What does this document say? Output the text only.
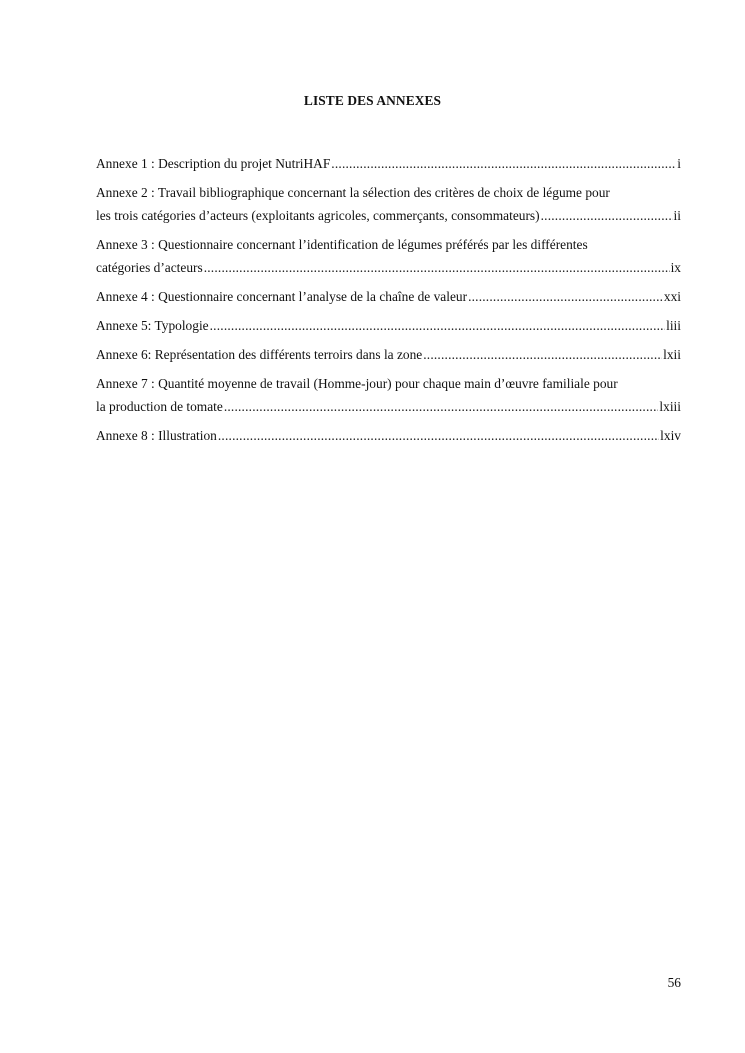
LISTE DES ANNEXES
Annexe 1 : Description du projet NutriHAF .....	i
Annexe 2 : Travail bibliographique concernant la sélection des critères de choix de légume pour
les trois catégories d’acteurs (exploitants agricoles, commerçants, consommateurs) .....	ii
Annexe 3 : Questionnaire concernant l’identification de légumes préférés par les différentes
catégories d’acteurs .....	ix
Annexe 4 : Questionnaire concernant l’analyse de la chaîne de valeur .....	xxi
Annexe 5: Typologie .....	liii
Annexe 6: Représentation des différents terroirs dans la zone .....	lxii
Annexe 7 : Quantité moyenne de travail (Homme-jour) pour chaque main d’œuvre familiale pour
la production de tomate .....	lxiii
Annexe 8 : Illustration .....	lxiv
56
